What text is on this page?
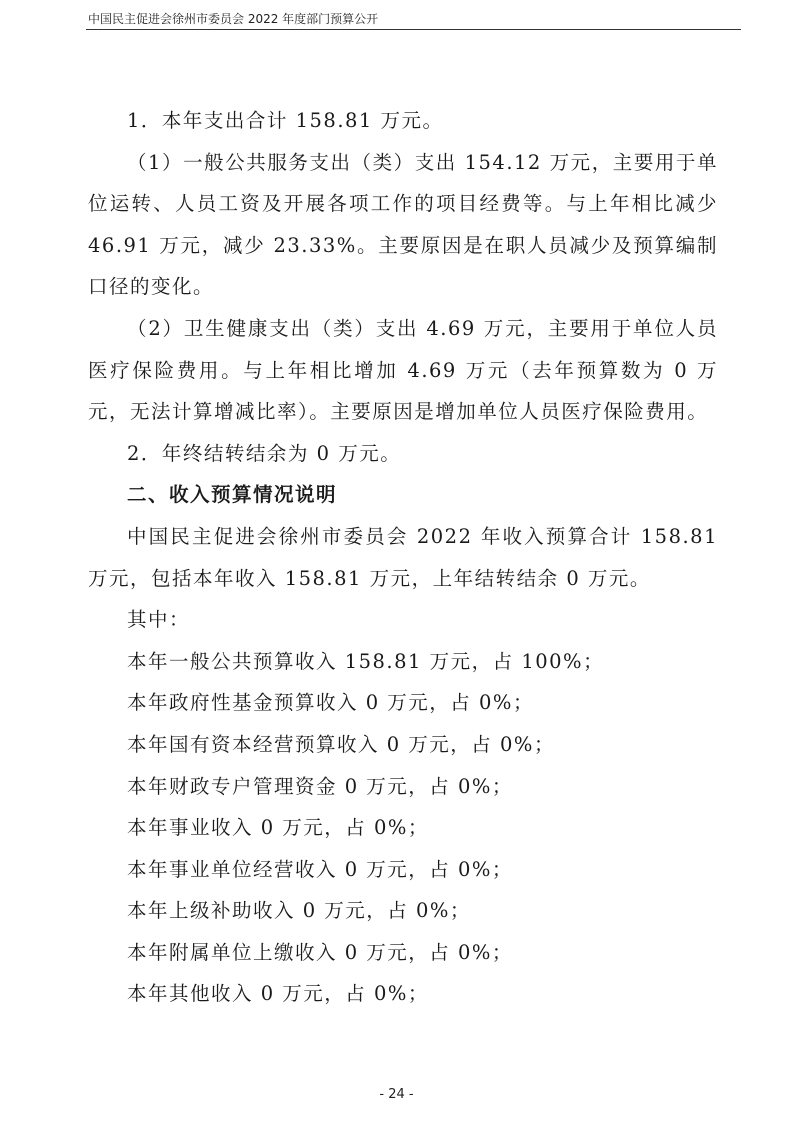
中国民主促进会徐州市委员会 2022 年度部门预算公开

1．本年支出合计 158.81 万元。

（1）一般公共服务支出（类）支出 154.12 万元，主要用于单位运转、人员工资及开展各项工作的项目经费等。与上年相比减少 46.91 万元，减少 23.33%。主要原因是在职人员减少及预算编制口径的变化。

（2）卫生健康支出（类）支出 4.69 万元，主要用于单位人员医疗保险费用。与上年相比增加 4.69 万元（去年预算数为 0 万元，无法计算增减比率）。主要原因是增加单位人员医疗保险费用。

2．年终结转结余为 0 万元。

二、收入预算情况说明

中国民主促进会徐州市委员会 2022 年收入预算合计 158.81 万元，包括本年收入 158.81 万元，上年结转结余 0 万元。

其中：

本年一般公共预算收入 158.81 万元，占 100%；

本年政府性基金预算收入 0 万元，占 0%；

本年国有资本经营预算收入 0 万元，占 0%；

本年财政专户管理资金 0 万元，占 0%；

本年事业收入 0 万元，占 0%；

本年事业单位经营收入 0 万元，占 0%；

本年上级补助收入 0 万元，占 0%；

本年附属单位上缴收入 0 万元，占 0%；

本年其他收入 0 万元，占 0%；

- 24 -
